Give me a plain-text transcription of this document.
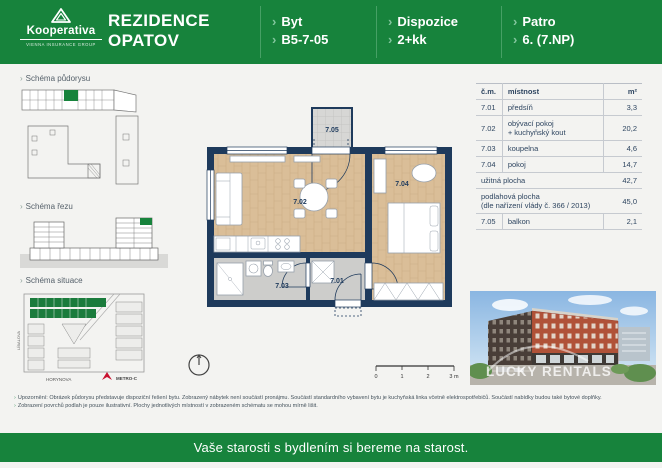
Kooperativa
VIENNA INSURANCE GROUP
REZIDENCE
OPATOV
› Byt
› B5-7-05
› Dispozice
› 2+kk
› Patro
› 6. (7.NP)
› Schéma půdorysu
› Schéma řezu
› Schéma situace
LÍBALOVA
HORYNOVA	METRO-C
7.05
7.02
7.04
7.03
7.01
0	1	2	3 m
č.m.	místnost	m²
7.01	předsíň	3,3
7.02	obývací pokoj
+ kuchyňský kout	20,2
7.03	koupelna	4,6
7.04	pokoj	14,7
užitná plocha		42,7

podlahová plocha
(dle nařízení vlády č. 366 / 2013)		45,0
7.05	balkon	2,1
LUCKY RENTALS
› Upozornění: Obrázek půdorysu představuje dispoziční řešení bytu. Zobrazený nábytek není součástí pronájmu. Součástí standardního vybavení bytu je kuchyňská linka včetně elektrospotřebičů. Součástí nabídky budou také bytové doplňky.
› Zobrazení povrchů podlah je pouze ilustrativní. Plochy jednotlivých místností v zobrazeném schématu se mohou mírně lišit.
Vaše starosti s bydlením si bereme na starost.
